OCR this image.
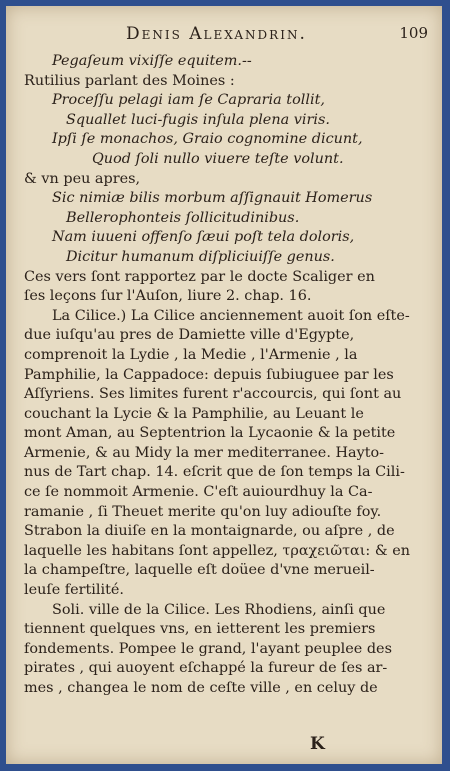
Denis Alexandrin.	109
Pegaſeum vixiſſe equitem.--
Rutilius parlant des Moines :
Proceſſu pelagi iam ſe Capraria tollit,
Squallet luci-fugis inſula plena viris.
Ipſi ſe monachos, Graio cognomine dicunt,
Quod ſoli nullo viuere teſte volunt.
& vn peu apres,
Sic nimiæ bilis morbum aſſignauit Homerus
Bellerophonteis ſollicitudinibus.
Nam iuueni offenſo ſæui poſt tela doloris,
Dicitur humanum diſpliciuiſſe genus.
Ces vers ſont rapportez par le docte Scaliger en
ſes leçons ſur l'Auſon, liure 2. chap. 16.
La Cilice.) La Cilice anciennement auoit ſon eſte-
due iuſqu'au pres de Damiette ville d'Egypte,
comprenoit la Lydie , la Medie , l'Armenie , la
Pamphilie, la Cappadoce: depuis ſubiuguee par les
Aſſyriens. Ses limites furent r'accourcis, qui ſont au
couchant la Lycie & la Pamphilie, au Leuant le
mont Aman, au Septentrion la Lycaonie & la petite
Armenie, & au Midy la mer mediterranee. Hayto-
nus de Tart chap. 14. eſcrit que de ſon temps la Cili-
ce ſe nommoit Armenie. C'eſt auiourdhuy la Ca-
ramanie , ſi Theuet merite qu'on luy adiouſte foy.
Strabon la diuiſe en la montaignarde, ou aſpre , de
laquelle les habitans ſont appellez, τραχειῶται: & en
la champeſtre, laquelle eſt doüee d'vne merueil-
leuſe fertilité.
Soli. ville de la Cilice. Les Rhodiens, ainſi que
tiennent quelques vns, en ietterent les premiers
fondements. Pompee le grand, l'ayant peuplee des
pirates , qui auoyent eſchappé la fureur de ſes ar-
mes , changea le nom de ceſte ville , en celuy de
K
